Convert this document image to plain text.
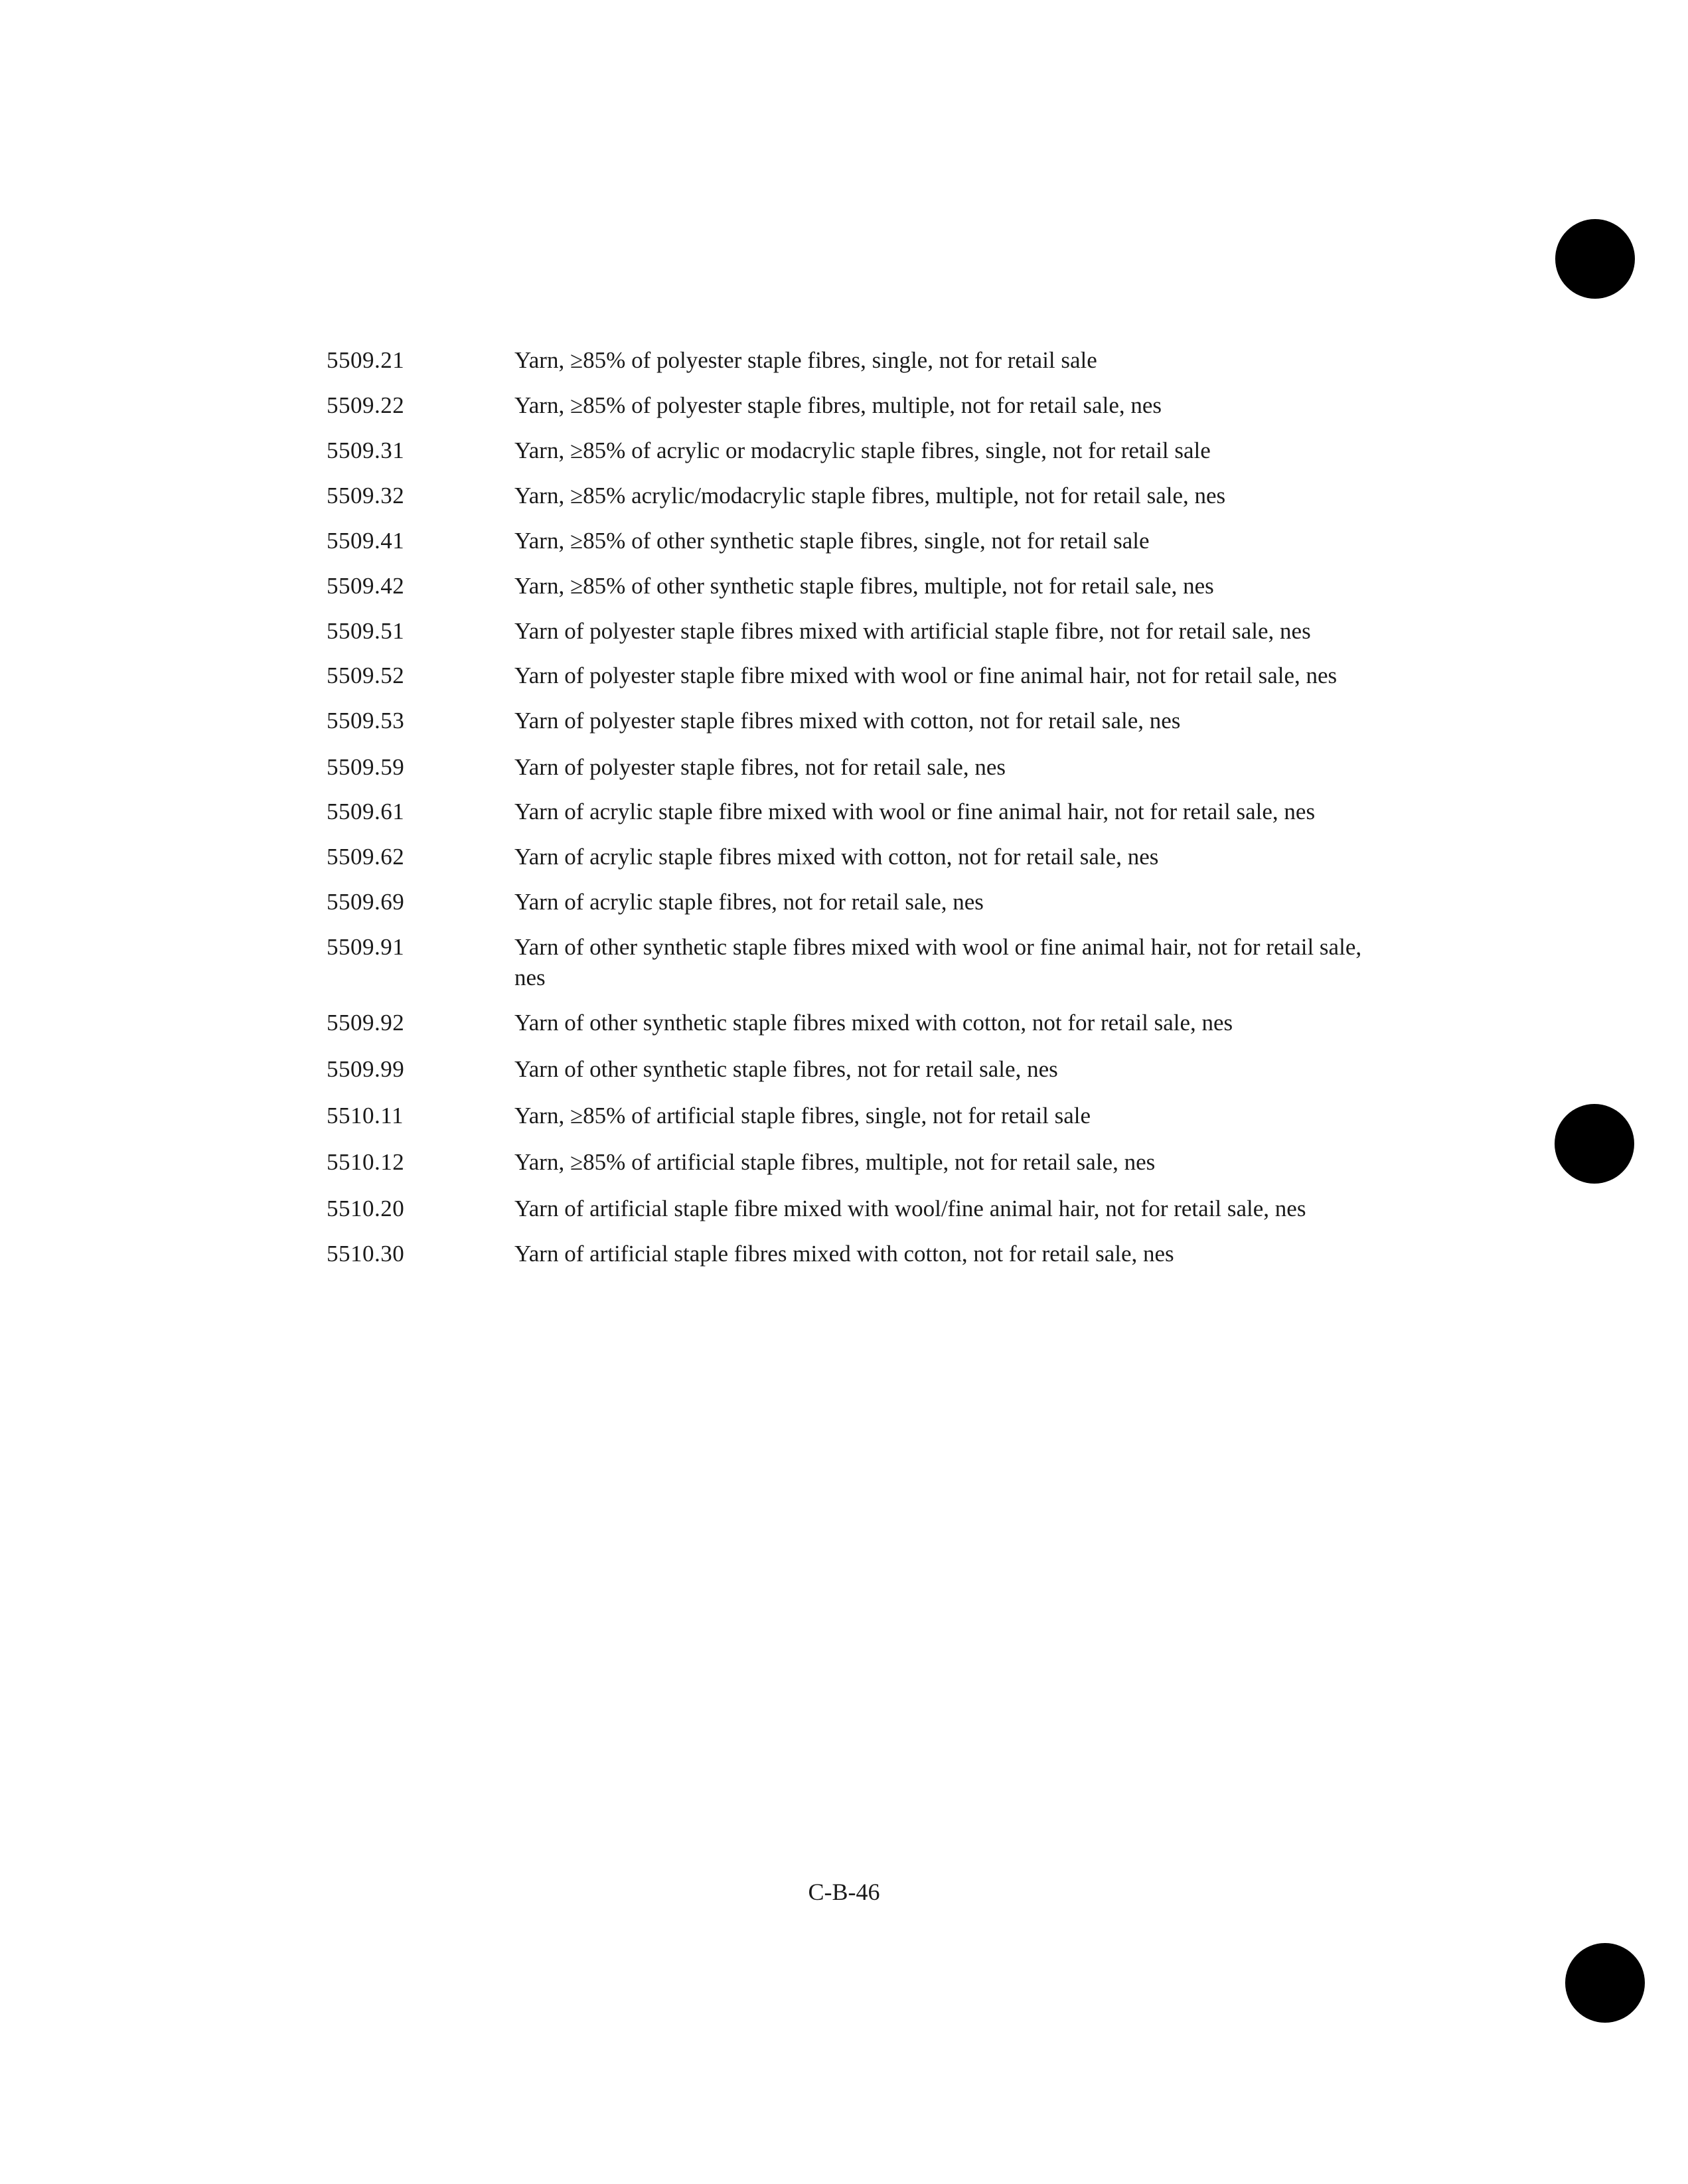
5509.21	Yarn, ≥85% of polyester staple fibres, single, not for retail sale
5509.22	Yarn, ≥85% of polyester staple fibres, multiple, not for retail sale, nes
5509.31	Yarn, ≥85% of acrylic or modacrylic staple fibres, single, not for retail sale
5509.32	Yarn, ≥85% acrylic/modacrylic staple fibres, multiple, not for retail sale, nes
5509.41	Yarn, ≥85% of other synthetic staple fibres, single, not for retail sale
5509.42	Yarn, ≥85% of other synthetic staple fibres, multiple, not for retail sale, nes
5509.51	Yarn of polyester staple fibres mixed with artificial staple fibre, not for retail sale, nes
5509.52	Yarn of polyester staple fibre mixed with wool or fine animal hair, not for retail sale, nes
5509.53	Yarn of polyester staple fibres mixed with cotton, not for retail sale, nes
5509.59	Yarn of polyester staple fibres, not for retail sale, nes
5509.61	Yarn of acrylic staple fibre mixed with wool or fine animal hair, not for retail sale, nes
5509.62	Yarn of acrylic staple fibres mixed with cotton, not for retail sale, nes
5509.69	Yarn of acrylic staple fibres, not for retail sale, nes
5509.91	Yarn of other synthetic staple fibres mixed with wool or fine animal hair, not for retail sale, nes
5509.92	Yarn of other synthetic staple fibres mixed with cotton, not for retail sale, nes
5509.99	Yarn of other synthetic staple fibres, not for retail sale, nes
5510.11	Yarn, ≥85% of artificial staple fibres, single, not for retail sale
5510.12	Yarn, ≥85% of artificial staple fibres, multiple, not for retail sale, nes
5510.20	Yarn of artificial staple fibre mixed with wool/fine animal hair, not for retail sale, nes
5510.30	Yarn of artificial staple fibres mixed with cotton, not for retail sale, nes
C-B-46
